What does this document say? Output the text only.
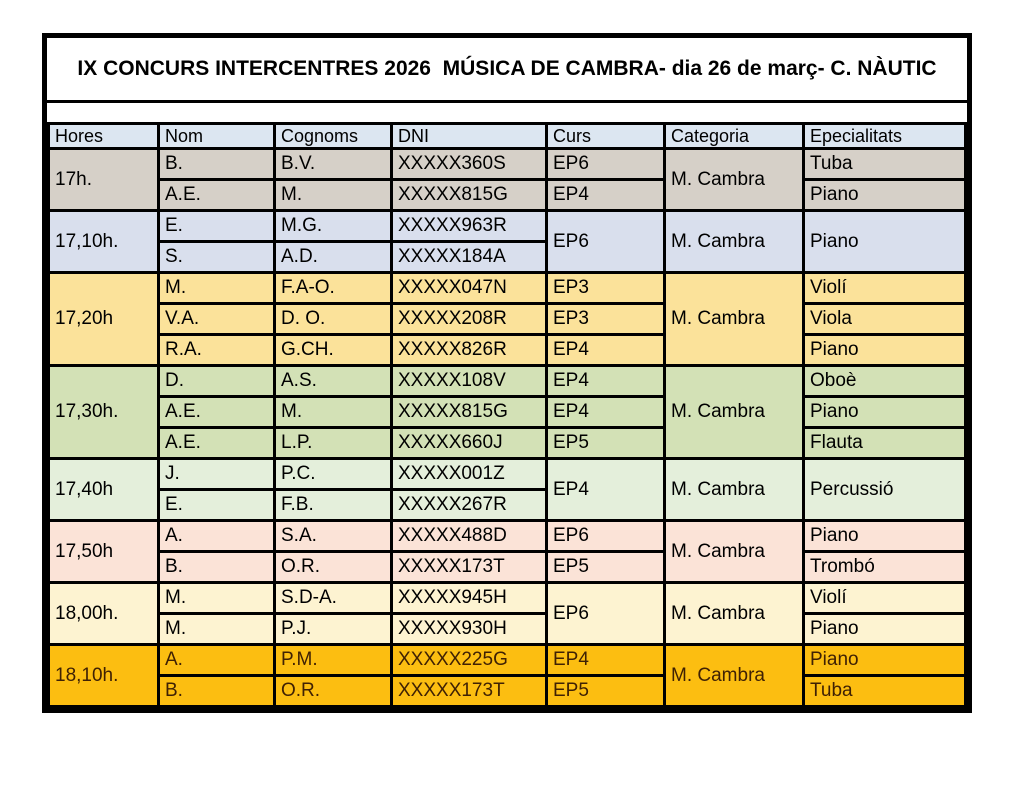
IX CONCURS INTERCENTRES 2026  MÚSICA DE CAMBRA- dia 26 de març- C. NÀUTIC
Hores	Nom	Cognoms	DNI	Curs	Categoria	Epecialitats
17h.	B.	B.V.	XXXXX360S	EP6	M. Cambra	Tuba
	A.E.	M.	XXXXX815G	EP4		Piano
17,10h.	E.	M.G.	XXXXX963R	EP6	M. Cambra	Piano
	S.	A.D.	XXXXX184A			
17,20h	M.	F.A-O.	XXXXX047N	EP3	M. Cambra	Violí
	V.A.	D. O.	XXXXX208R	EP3		Viola
	R.A.	G.CH.	XXXXX826R	EP4		Piano
17,30h.	D.	A.S.	XXXXX108V	EP4	M. Cambra	Oboè
	A.E.	M.	XXXXX815G	EP4		Piano
	A.E.	L.P.	XXXXX660J	EP5		Flauta
17,40h	J.	P.C.	XXXXX001Z	EP4	M. Cambra	Percussió
	E.	F.B.	XXXXX267R			
17,50h	A.	S.A.	XXXXX488D	EP6	M. Cambra	Piano
	B.	O.R.	XXXXX173T	EP5		Trombó
18,00h.	M.	S.D-A.	XXXXX945H	EP6	M. Cambra	Violí
	M.	P.J.	XXXXX930H			Piano
18,10h.	A.	P.M.	XXXXX225G	EP4	M. Cambra	Piano
	B.	O.R.	XXXXX173T	EP5		Tuba
